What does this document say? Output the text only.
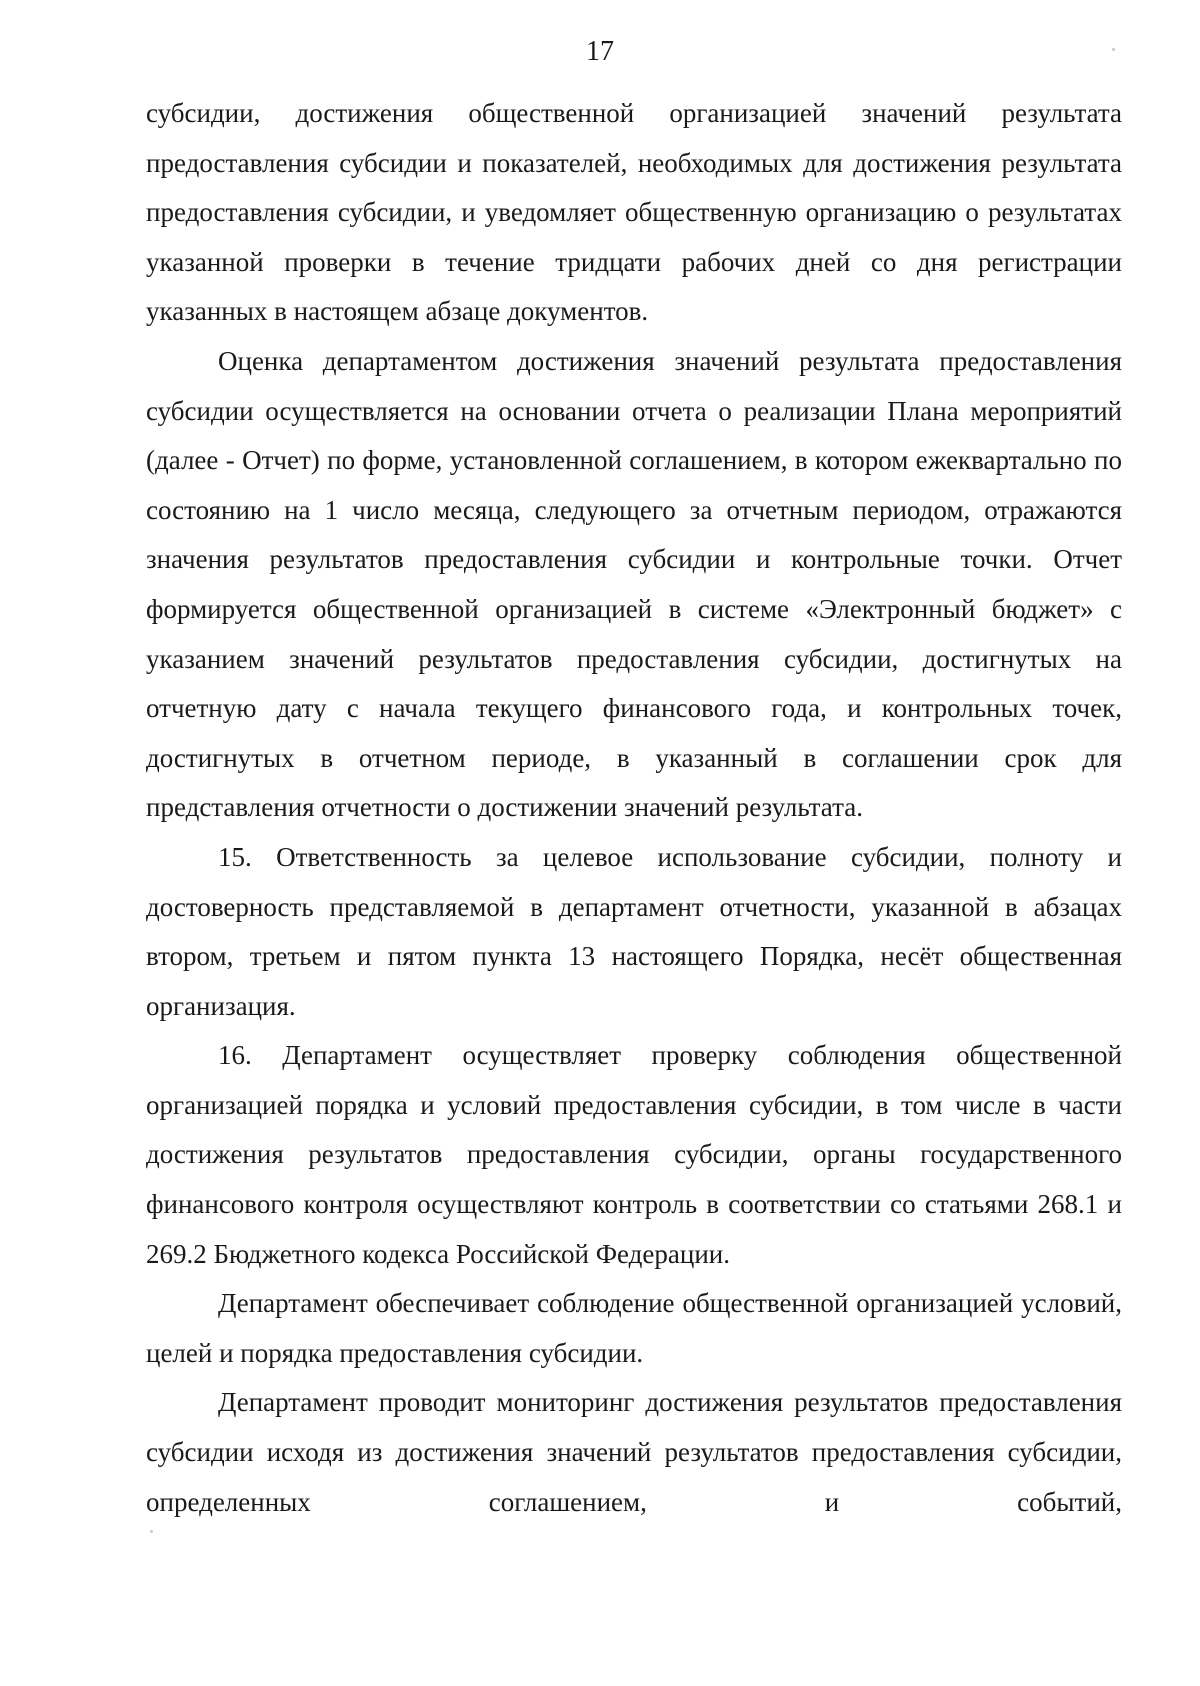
17

субсидии, достижения общественной организацией значений результата предоставления субсидии и показателей, необходимых для достижения результата предоставления субсидии, и уведомляет общественную организацию о результатах указанной проверки в течение тридцати рабочих дней со дня регистрации указанных в настоящем абзаце документов.

Оценка департаментом достижения значений результата предоставления субсидии осуществляется на основании отчета о реализации Плана мероприятий (далее - Отчет) по форме, установленной соглашением, в котором ежеквартально по состоянию на 1 число месяца, следующего за отчетным периодом, отражаются значения результатов предоставления субсидии и контрольные точки. Отчет формируется общественной организацией в системе «Электронный бюджет» с указанием значений результатов предоставления субсидии, достигнутых на отчетную дату с начала текущего финансового года, и контрольных точек, достигнутых в отчетном периоде, в указанный в соглашении срок для представления отчетности о достижении значений результата.

15. Ответственность за целевое использование субсидии, полноту и достоверность представляемой в департамент отчетности, указанной в абзацах втором, третьем и пятом пункта 13 настоящего Порядка, несёт общественная организация.

16. Департамент осуществляет проверку соблюдения общественной организацией порядка и условий предоставления субсидии, в том числе в части достижения результатов предоставления субсидии, органы государственного финансового контроля осуществляют контроль в соответствии со статьями 268.1 и 269.2 Бюджетного кодекса Российской Федерации.

Департамент обеспечивает соблюдение общественной организацией условий, целей и порядка предоставления субсидии.

Департамент проводит мониторинг достижения результатов предоставления субсидии исходя из достижения значений результатов предоставления субсидии, определенных соглашением, и событий,
